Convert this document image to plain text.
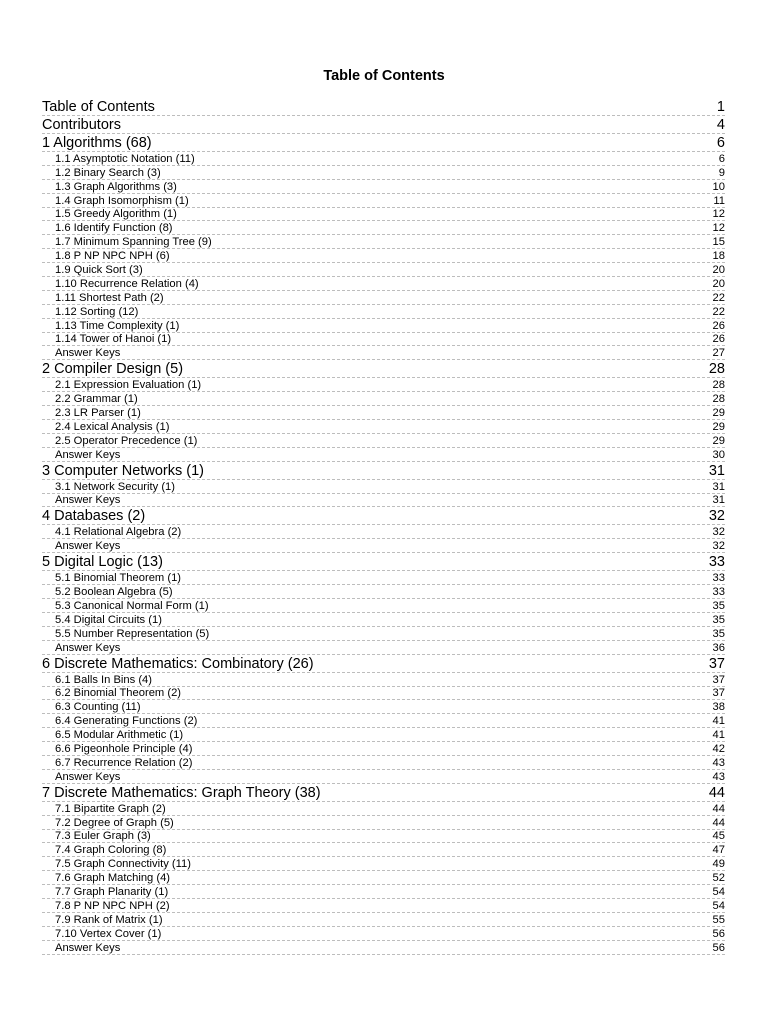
Table of Contents
Table of Contents	1
Contributors	4
1 Algorithms (68)	6
1.1 Asymptotic Notation (11)	6
1.2 Binary Search (3)	9
1.3 Graph Algorithms (3)	10
1.4 Graph Isomorphism (1)	11
1.5 Greedy Algorithm (1)	12
1.6 Identify Function (8)	12
1.7 Minimum Spanning Tree (9)	15
1.8 P NP NPC NPH (6)	18
1.9 Quick Sort (3)	20
1.10 Recurrence Relation (4)	20
1.11 Shortest Path (2)	22
1.12 Sorting (12)	22
1.13 Time Complexity (1)	26
1.14 Tower of Hanoi (1)	26
Answer Keys	27
2 Compiler Design (5)	28
2.1 Expression Evaluation (1)	28
2.2 Grammar (1)	28
2.3 LR Parser (1)	29
2.4 Lexical Analysis (1)	29
2.5 Operator Precedence (1)	29
Answer Keys	30
3 Computer Networks (1)	31
3.1 Network Security (1)	31
Answer Keys	31
4 Databases (2)	32
4.1 Relational Algebra (2)	32
Answer Keys	32
5 Digital Logic (13)	33
5.1 Binomial Theorem (1)	33
5.2 Boolean Algebra (5)	33
5.3 Canonical Normal Form (1)	35
5.4 Digital Circuits (1)	35
5.5 Number Representation (5)	35
Answer Keys	36
6 Discrete Mathematics: Combinatory (26)	37
6.1 Balls In Bins (4)	37
6.2 Binomial Theorem (2)	37
6.3 Counting (11)	38
6.4 Generating Functions (2)	41
6.5 Modular Arithmetic (1)	41
6.6 Pigeonhole Principle (4)	42
6.7 Recurrence Relation (2)	43
Answer Keys	43
7 Discrete Mathematics: Graph Theory (38)	44
7.1 Bipartite Graph (2)	44
7.2 Degree of Graph (5)	44
7.3 Euler Graph (3)	45
7.4 Graph Coloring (8)	47
7.5 Graph Connectivity (11)	49
7.6 Graph Matching (4)	52
7.7 Graph Planarity (1)	54
7.8 P NP NPC NPH (2)	54
7.9 Rank of Matrix (1)	55
7.10 Vertex Cover (1)	56
Answer Keys	56
